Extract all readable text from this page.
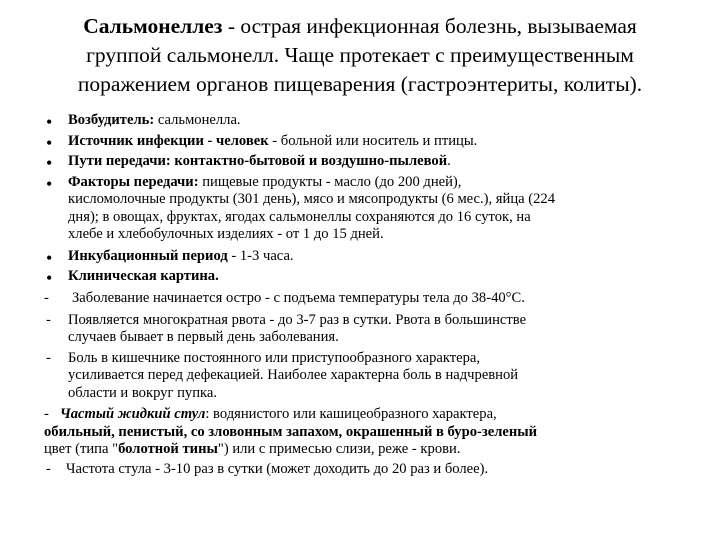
Сальмонеллез - острая инфекционная болезнь, вызываемая
группой сальмонелл. Чаще протекает с преимущественным
поражением органов пищеварения (гастроэнтериты, колиты).
• Возбудитель: сальмонелла.
• Источник инфекции - человек - больной или носитель и птицы.
• Пути передачи: контактно-бытовой и воздушно-пылевой.
• Факторы передачи: пищевые продукты - масло (до 200 дней),
кисломолочные продукты (301 день), мясо и мясопродукты (6 мес.), яйца (224
дня); в овощах, фруктах, ягодах сальмонеллы сохраняются до 16 суток, на
хлебе и хлебобулочных изделиях - от 1 до 15 дней.
• Инкубационный период - 1-3 часа.
• Клиническая картина.
- Заболевание начинается остро - с подъема температуры тела до 38-40°С.
- Появляется многократная рвота - до 3-7 раз в сутки. Рвота в большинстве
случаев бывает в первый день заболевания.
- Боль в кишечнике постоянного или приступообразного характера,
усиливается перед дефекацией. Наиболее характерна боль в надчревной
области и вокруг пупка.
- Частый жидкий стул: водянистого или кашицеобразного характера,
обильный, пенистый, со зловонным запахом, окрашенный в буро-зеленый
цвет (типа "болотной тины") или с примесью слизи, реже - крови.
- Частота стула - 3-10 раз в сутки (может доходить до 20 раз и более).
